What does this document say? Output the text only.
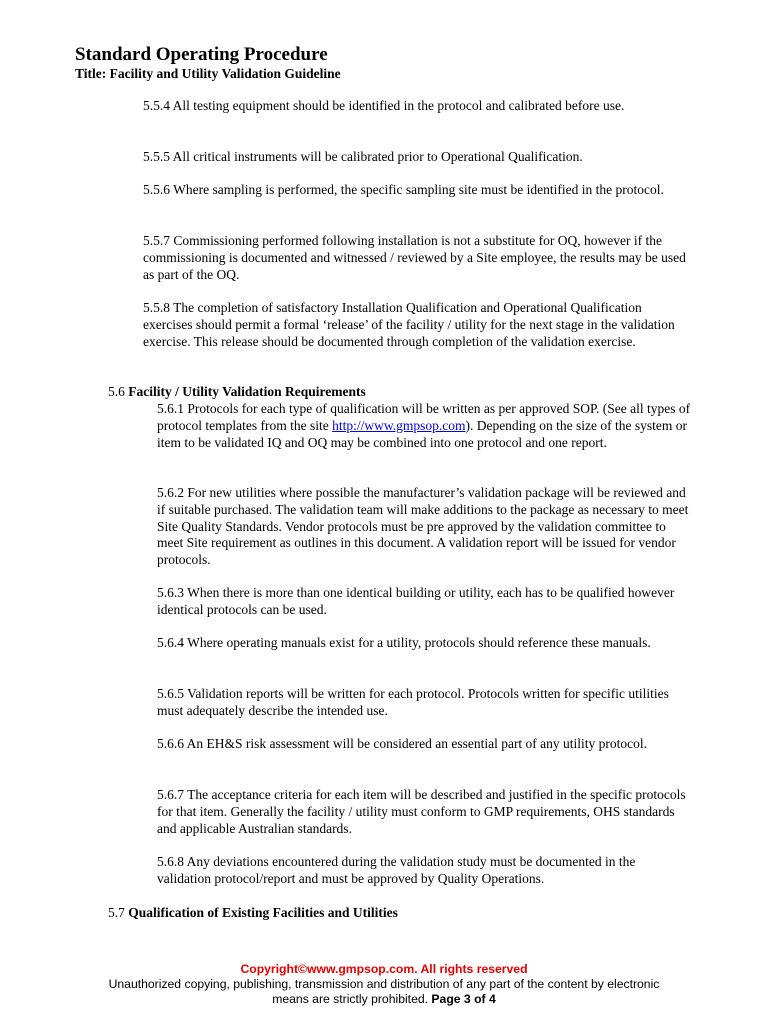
Standard Operating Procedure

Title: Facility and Utility Validation Guideline

5.5.4 All testing equipment should be identified in the protocol and calibrated before use.

5.5.5 All critical instruments will be calibrated prior to Operational Qualification.

5.5.6 Where sampling is performed, the specific sampling site must be identified in the protocol.

5.5.7 Commissioning performed following installation is not a substitute for OQ, however if the commissioning is documented and witnessed / reviewed by a Site employee, the results may be used as part of the OQ.

5.5.8 The completion of satisfactory Installation Qualification and Operational Qualification exercises should permit a formal ‘release’ of the facility / utility for the next stage in the validation exercise. This release should be documented through completion of the validation exercise.

5.6 Facility / Utility Validation Requirements

5.6.1 Protocols for each type of qualification will be written as per approved SOP. (See all types of protocol templates from the site http://www.gmpsop.com). Depending on the size of the system or item to be validated IQ and OQ may be combined into one protocol and one report.

5.6.2 For new utilities where possible the manufacturer’s validation package will be reviewed and if suitable purchased. The validation team will make additions to the package as necessary to meet Site Quality Standards. Vendor protocols must be pre approved by the validation committee to meet Site requirement as outlines in this document. A validation report will be issued for vendor protocols.

5.6.3 When there is more than one identical building or utility, each has to be qualified however identical protocols can be used.

5.6.4 Where operating manuals exist for a utility, protocols should reference these manuals.

5.6.5 Validation reports will be written for each protocol. Protocols written for specific utilities must adequately describe the intended use.

5.6.6 An EH&S risk assessment will be considered an essential part of any utility protocol.

5.6.7 The acceptance criteria for each item will be described and justified in the specific protocols for that item. Generally the facility / utility must conform to GMP requirements, OHS standards and applicable Australian standards.

5.6.8 Any deviations encountered during the validation study must be documented in the validation protocol/report and must be approved by Quality Operations.

5.7 Qualification of Existing Facilities and Utilities

Copyright©www.gmpsop.com. All rights reserved

Unauthorized copying, publishing, transmission and distribution of any part of the content by electronic

means are strictly prohibited. Page 3 of 4
